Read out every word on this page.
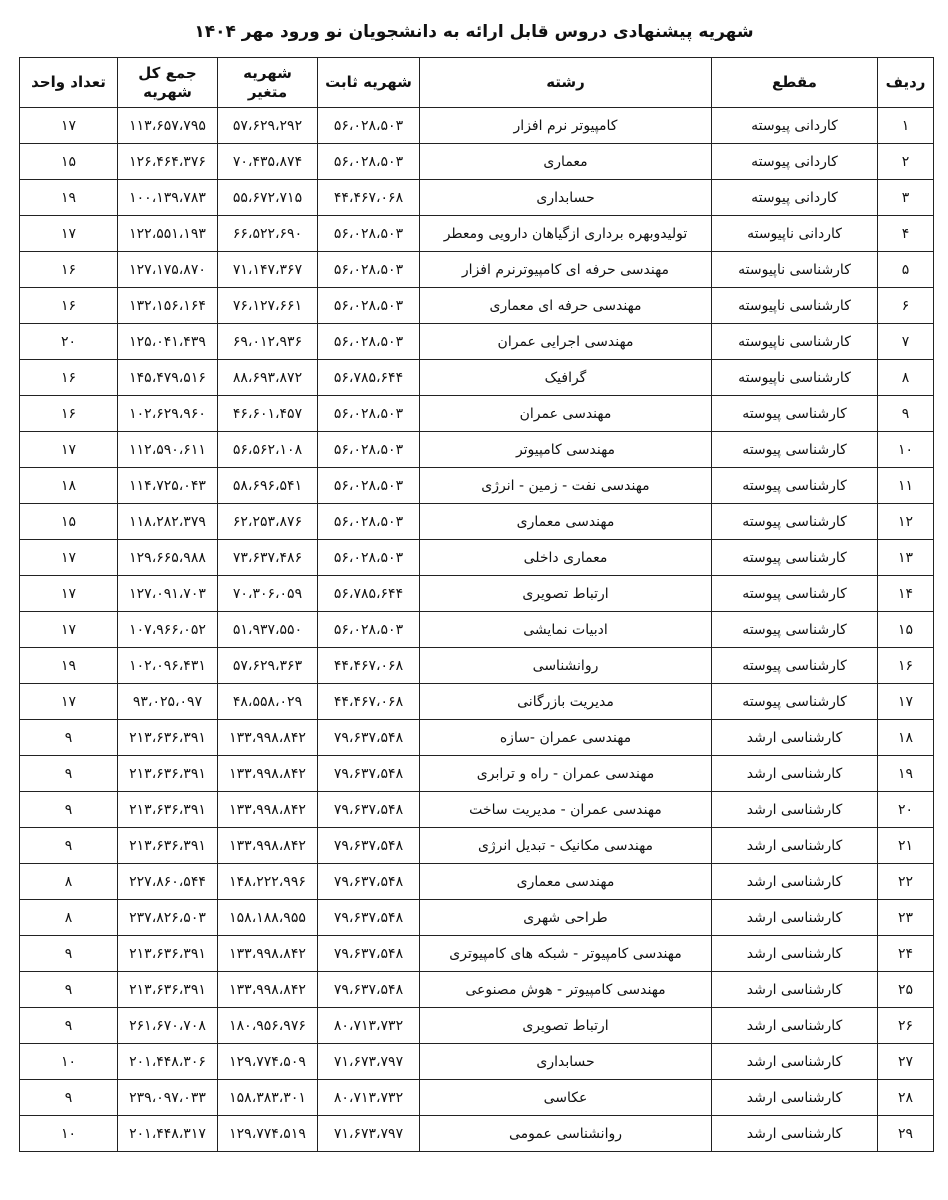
شهریه پیشنهادی دروس قابل ارائه به دانشجویان نو ورود مهر ۱۴۰۴
ردیف	مقطع	رشته	شهریه ثابت	شهریه متغیر	جمع کل شهریه	تعداد واحد
۱	کاردانی پیوسته	کامپیوتر نرم افزار	۵۶،۰۲۸،۵۰۳	۵۷،۶۲۹،۲۹۲	۱۱۳،۶۵۷،۷۹۵	۱۷
۲	کاردانی پیوسته	معماری	۵۶،۰۲۸،۵۰۳	۷۰،۴۳۵،۸۷۴	۱۲۶،۴۶۴،۳۷۶	۱۵
۳	کاردانی پیوسته	حسابداری	۴۴،۴۶۷،۰۶۸	۵۵،۶۷۲،۷۱۵	۱۰۰،۱۳۹،۷۸۳	۱۹
۴	کاردانی ناپیوسته	تولیدوبهره برداری ازگیاهان دارویی ومعطر	۵۶،۰۲۸،۵۰۳	۶۶،۵۲۲،۶۹۰	۱۲۲،۵۵۱،۱۹۳	۱۷
۵	کارشناسی ناپیوسته	مهندسی حرفه ای کامپیوترنرم افزار	۵۶،۰۲۸،۵۰۳	۷۱،۱۴۷،۳۶۷	۱۲۷،۱۷۵،۸۷۰	۱۶
۶	کارشناسی ناپیوسته	مهندسی حرفه ای معماری	۵۶،۰۲۸،۵۰۳	۷۶،۱۲۷،۶۶۱	۱۳۲،۱۵۶،۱۶۴	۱۶
۷	کارشناسی ناپیوسته	مهندسی اجرایی عمران	۵۶،۰۲۸،۵۰۳	۶۹،۰۱۲،۹۳۶	۱۲۵،۰۴۱،۴۳۹	۲۰
۸	کارشناسی ناپیوسته	گرافیک	۵۶،۷۸۵،۶۴۴	۸۸،۶۹۳،۸۷۲	۱۴۵،۴۷۹،۵۱۶	۱۶
۹	کارشناسی پیوسته	مهندسی عمران	۵۶،۰۲۸،۵۰۳	۴۶،۶۰۱،۴۵۷	۱۰۲،۶۲۹،۹۶۰	۱۶
۱۰	کارشناسی پیوسته	مهندسی کامپیوتر	۵۶،۰۲۸،۵۰۳	۵۶،۵۶۲،۱۰۸	۱۱۲،۵۹۰،۶۱۱	۱۷
۱۱	کارشناسی پیوسته	مهندسی نفت - زمین - انرژی	۵۶،۰۲۸،۵۰۳	۵۸،۶۹۶،۵۴۱	۱۱۴،۷۲۵،۰۴۳	۱۸
۱۲	کارشناسی پیوسته	مهندسی معماری	۵۶،۰۲۸،۵۰۳	۶۲،۲۵۳،۸۷۶	۱۱۸،۲۸۲،۳۷۹	۱۵
۱۳	کارشناسی پیوسته	معماری داخلی	۵۶،۰۲۸،۵۰۳	۷۳،۶۳۷،۴۸۶	۱۲۹،۶۶۵،۹۸۸	۱۷
۱۴	کارشناسی پیوسته	ارتباط تصویری	۵۶،۷۸۵،۶۴۴	۷۰،۳۰۶،۰۵۹	۱۲۷،۰۹۱،۷۰۳	۱۷
۱۵	کارشناسی پیوسته	ادبیات نمایشی	۵۶،۰۲۸،۵۰۳	۵۱،۹۳۷،۵۵۰	۱۰۷،۹۶۶،۰۵۲	۱۷
۱۶	کارشناسی پیوسته	روانشناسی	۴۴،۴۶۷،۰۶۸	۵۷،۶۲۹،۳۶۳	۱۰۲،۰۹۶،۴۳۱	۱۹
۱۷	کارشناسی پیوسته	مدیریت بازرگانی	۴۴،۴۶۷،۰۶۸	۴۸،۵۵۸،۰۲۹	۹۳،۰۲۵،۰۹۷	۱۷
۱۸	کارشناسی ارشد	مهندسی عمران -سازه	۷۹،۶۳۷،۵۴۸	۱۳۳،۹۹۸،۸۴۲	۲۱۳،۶۳۶،۳۹۱	۹
۱۹	کارشناسی ارشد	مهندسی عمران - راه و ترابری	۷۹،۶۳۷،۵۴۸	۱۳۳،۹۹۸،۸۴۲	۲۱۳،۶۳۶،۳۹۱	۹
۲۰	کارشناسی ارشد	مهندسی عمران - مدیریت ساخت	۷۹،۶۳۷،۵۴۸	۱۳۳،۹۹۸،۸۴۲	۲۱۳،۶۳۶،۳۹۱	۹
۲۱	کارشناسی ارشد	مهندسی مکانیک - تبدیل انرژی	۷۹،۶۳۷،۵۴۸	۱۳۳،۹۹۸،۸۴۲	۲۱۳،۶۳۶،۳۹۱	۹
۲۲	کارشناسی ارشد	مهندسی معماری	۷۹،۶۳۷،۵۴۸	۱۴۸،۲۲۲،۹۹۶	۲۲۷،۸۶۰،۵۴۴	۸
۲۳	کارشناسی ارشد	طراحی شهری	۷۹،۶۳۷،۵۴۸	۱۵۸،۱۸۸،۹۵۵	۲۳۷،۸۲۶،۵۰۳	۸
۲۴	کارشناسی ارشد	مهندسی کامپیوتر - شبکه های کامپیوتری	۷۹،۶۳۷،۵۴۸	۱۳۳،۹۹۸،۸۴۲	۲۱۳،۶۳۶،۳۹۱	۹
۲۵	کارشناسی ارشد	مهندسی کامپیوتر - هوش مصنوعی	۷۹،۶۳۷،۵۴۸	۱۳۳،۹۹۸،۸۴۲	۲۱۳،۶۳۶،۳۹۱	۹
۲۶	کارشناسی ارشد	ارتباط تصویری	۸۰،۷۱۳،۷۳۲	۱۸۰،۹۵۶،۹۷۶	۲۶۱،۶۷۰،۷۰۸	۹
۲۷	کارشناسی ارشد	حسابداری	۷۱،۶۷۳،۷۹۷	۱۲۹،۷۷۴،۵۰۹	۲۰۱،۴۴۸،۳۰۶	۱۰
۲۸	کارشناسی ارشد	عکاسی	۸۰،۷۱۳،۷۳۲	۱۵۸،۳۸۳،۳۰۱	۲۳۹،۰۹۷،۰۳۳	۹
۲۹	کارشناسی ارشد	روانشناسی عمومی	۷۱،۶۷۳،۷۹۷	۱۲۹،۷۷۴،۵۱۹	۲۰۱،۴۴۸،۳۱۷	۱۰
